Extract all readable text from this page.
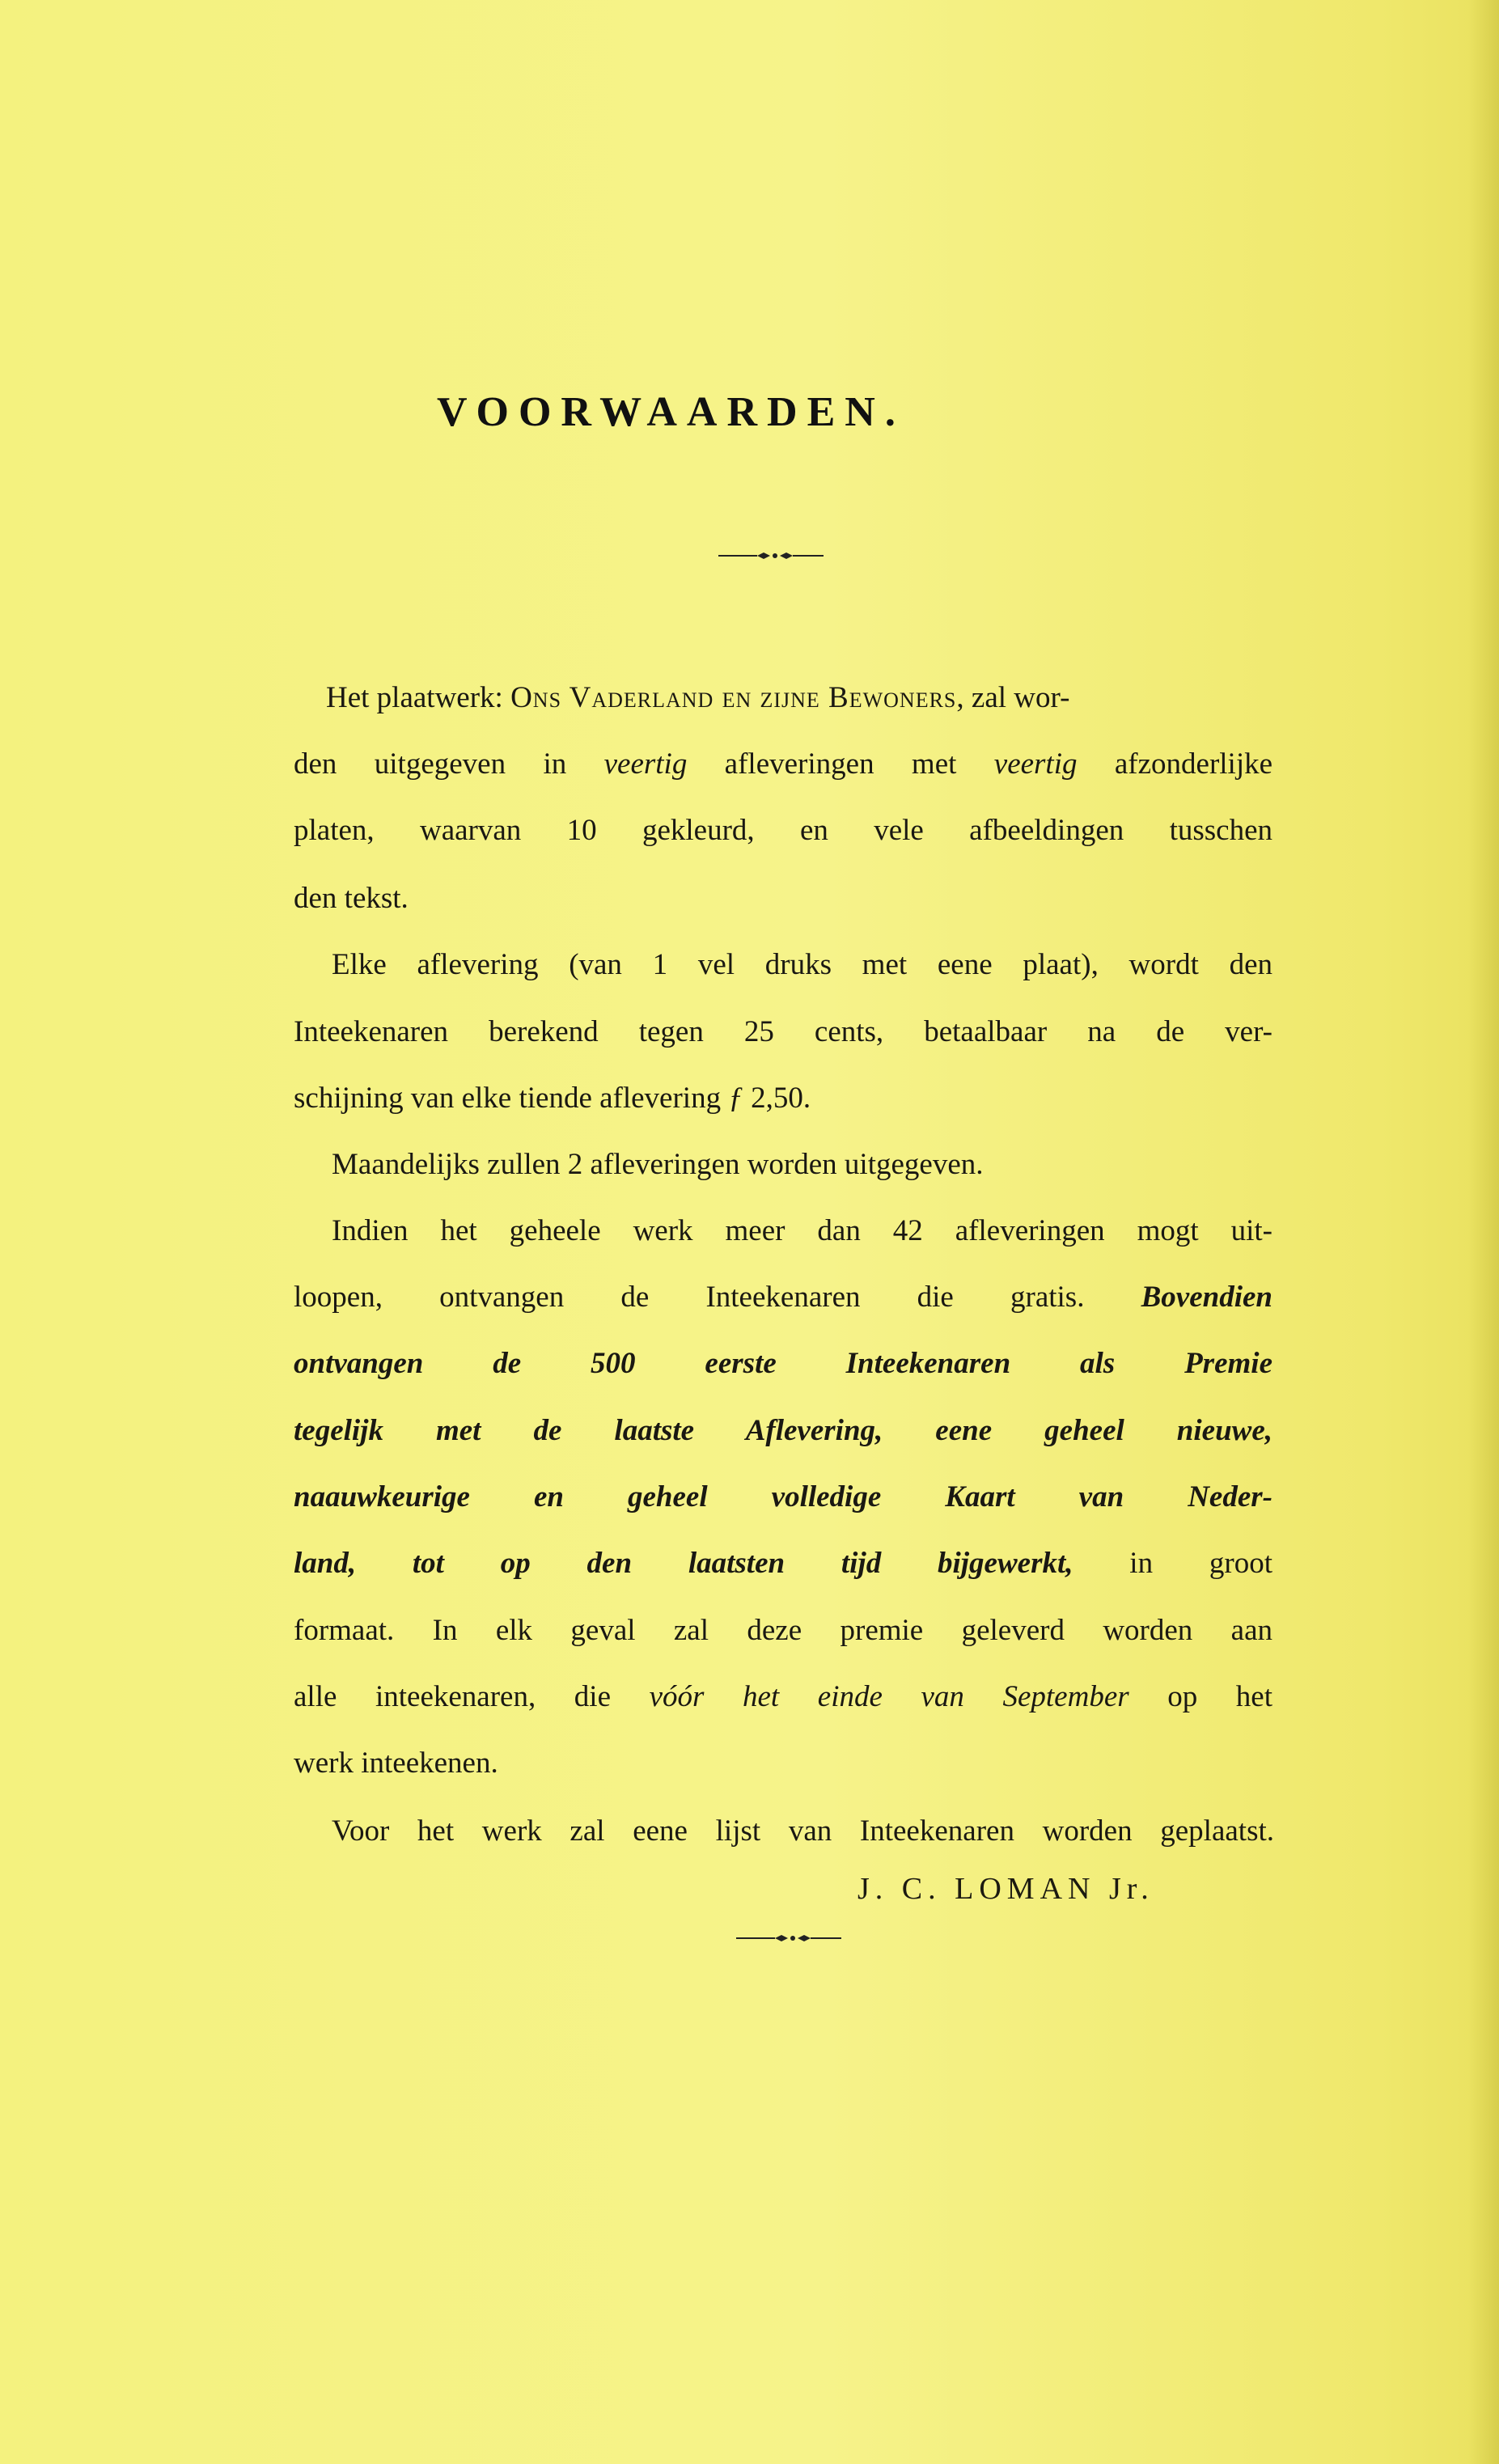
VOORWAARDEN.
Het plaatwerk: Ons Vaderland en zijne Bewoners, zal wor-
den uitgegeven in veertig afleveringen met veertig afzonderlijke
platen, waarvan 10 gekleurd, en vele afbeeldingen tusschen
den tekst.
Elke aflevering (van 1 vel druks met eene plaat), wordt den
Inteekenaren berekend tegen 25 cents, betaalbaar na de ver-
schijning van elke tiende aflevering ƒ 2,50.
Maandelijks zullen 2 afleveringen worden uitgegeven.
Indien het geheele werk meer dan 42 afleveringen mogt uit-
loopen, ontvangen de Inteekenaren die gratis. Bovendien
ontvangen de 500 eerste Inteekenaren als Premie
tegelijk met de laatste Aflevering, eene geheel nieuwe,
naauwkeurige en geheel volledige Kaart van Neder-
land, tot op den laatsten tijd bijgewerkt, in groot
formaat. In elk geval zal deze premie geleverd worden aan
alle inteekenaren, die vóór het einde van September op het
werk inteekenen.
Voor het werk zal eene lijst van Inteekenaren worden geplaatst.
J. C. LOMAN Jr.
